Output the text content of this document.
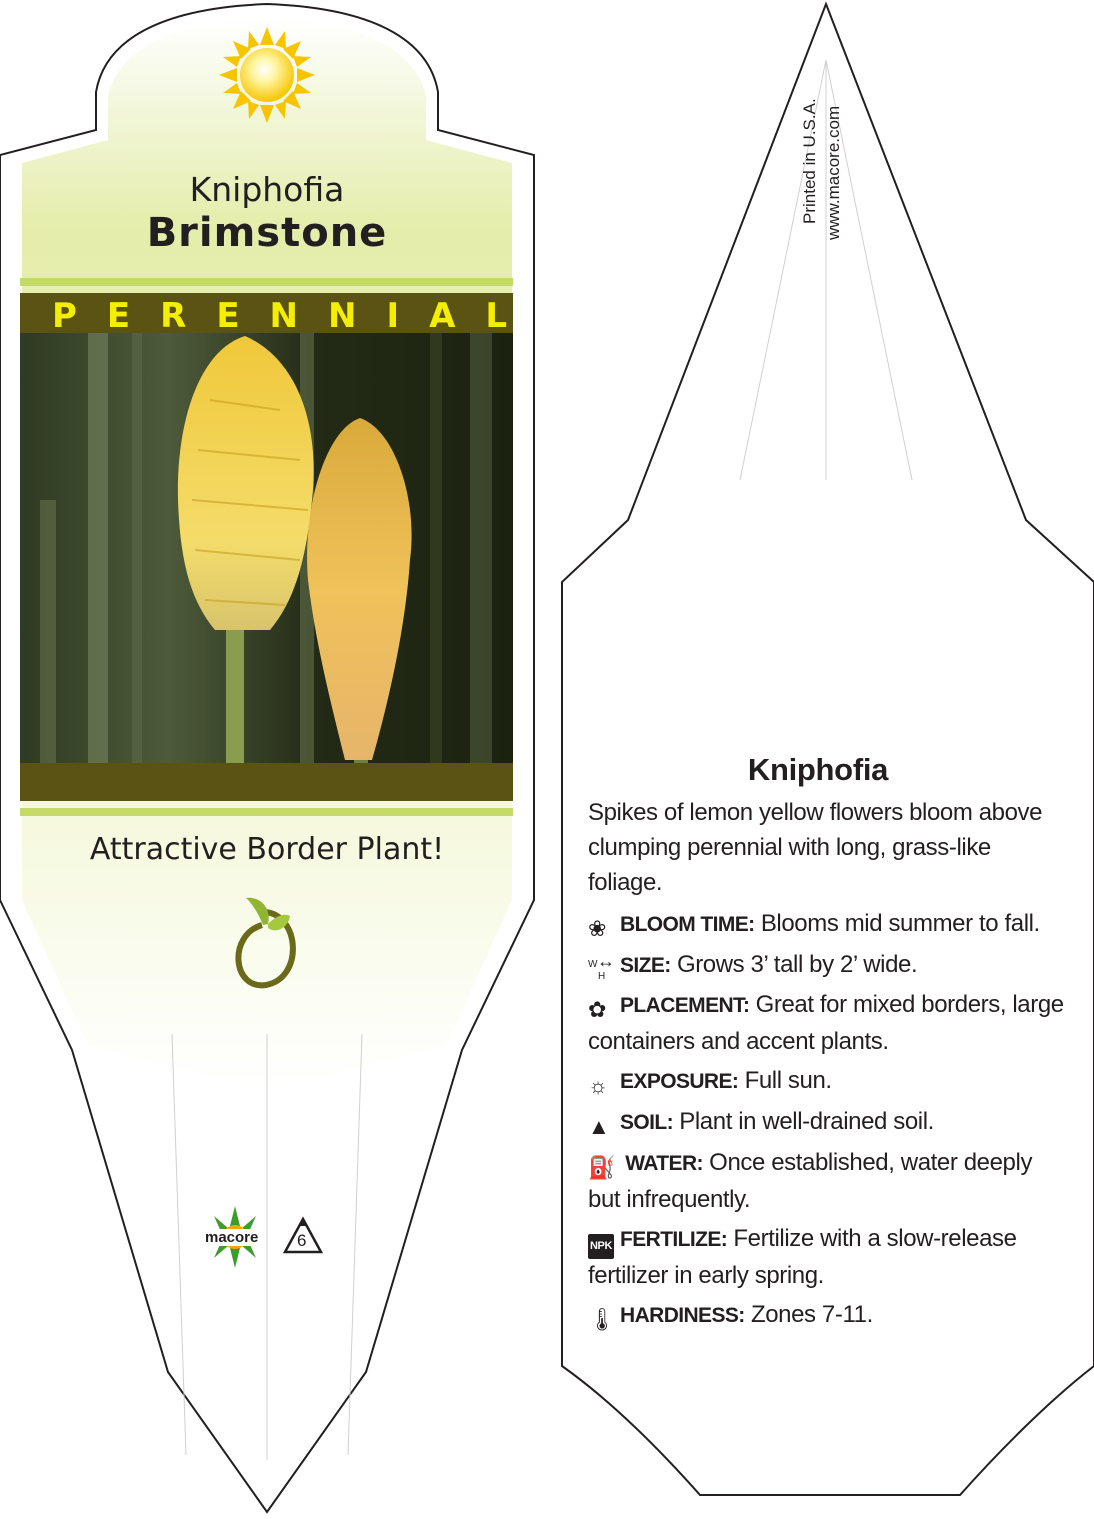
Kniphofia
Brimstone
PERENNIAL
Attractive Border Plant!
macore 6
Printed in U.S.A. www.macore.com
Kniphofia
Spikes of lemon yellow flowers bloom above clumping perennial with long, grass-like foliage.
❀ BLOOM TIME: Blooms mid summer to fall.
W ↔
H SIZE: Grows 3’ tall by 2’ wide.
✿ PLACEMENT: Great for mixed borders, large containers and accent plants.
☼ EXPOSURE: Full sun.
▲ SOIL: Plant in well-drained soil.
⛽ WATER: Once established, water deeply but infrequently.
NPK FERTILIZE: Fertilize with a slow-release fertilizer in early spring.
🌡 HARDINESS: Zones 7-11.
